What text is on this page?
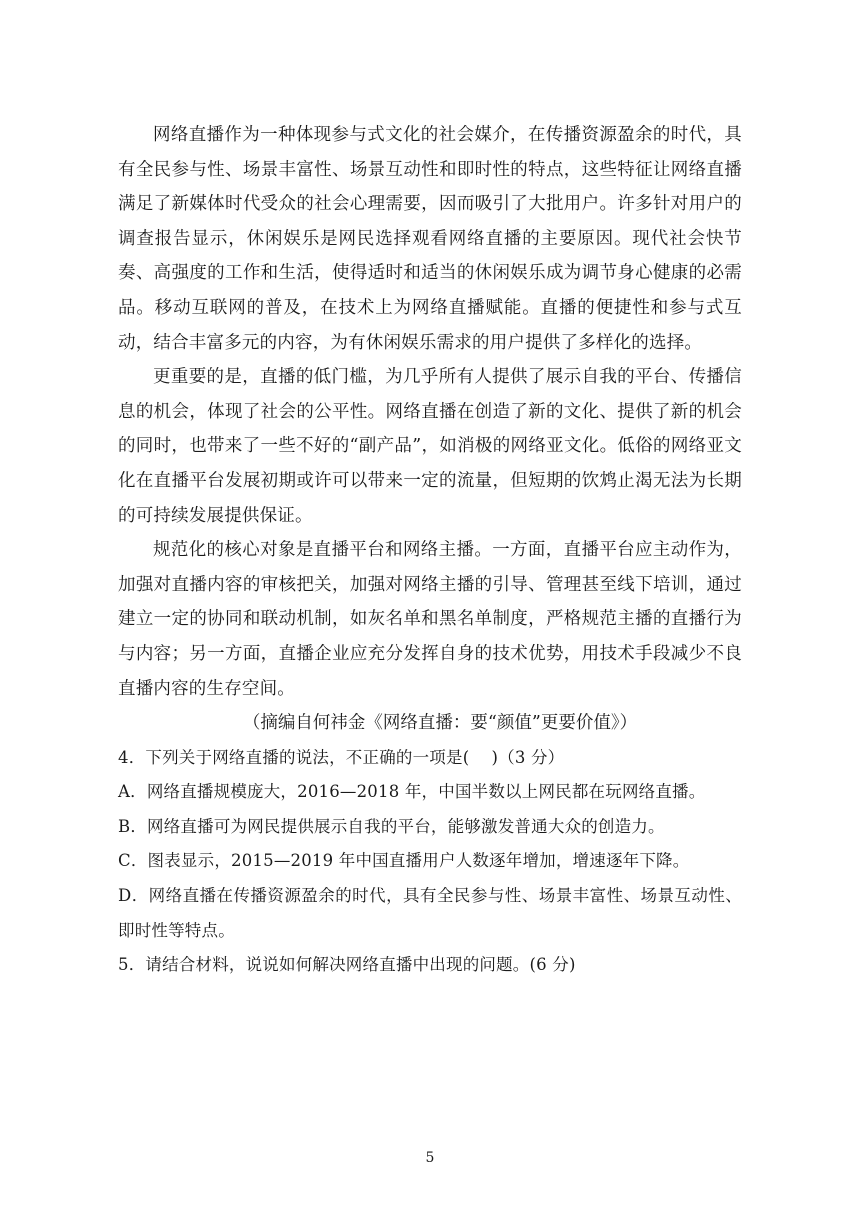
网络直播作为一种体现参与式文化的社会媒介，在传播资源盈余的时代，具有全民参与性、场景丰富性、场景互动性和即时性的特点，这些特征让网络直播满足了新媒体时代受众的社会心理需要，因而吸引了大批用户。许多针对用户的调查报告显示，休闲娱乐是网民选择观看网络直播的主要原因。现代社会快节奏、高强度的工作和生活，使得适时和适当的休闲娱乐成为调节身心健康的必需品。移动互联网的普及，在技术上为网络直播赋能。直播的便捷性和参与式互动，结合丰富多元的内容，为有休闲娱乐需求的用户提供了多样化的选择。

更重要的是，直播的低门槛，为几乎所有人提供了展示自我的平台、传播信息的机会，体现了社会的公平性。网络直播在创造了新的文化、提供了新的机会的同时，也带来了一些不好的“副产品”，如消极的网络亚文化。低俗的网络亚文化在直播平台发展初期或许可以带来一定的流量，但短期的饮鸩止渴无法为长期的可持续发展提供保证。

规范化的核心对象是直播平台和网络主播。一方面，直播平台应主动作为，加强对直播内容的审核把关，加强对网络主播的引导、管理甚至线下培训，通过建立一定的协同和联动机制，如灰名单和黑名单制度，严格规范主播的直播行为与内容；另一方面，直播企业应充分发挥自身的技术优势，用技术手段减少不良直播内容的生存空间。

（摘编自何祎金《网络直播：要“颜值”更要价值》）

4．下列关于网络直播的说法，不正确的一项是(　 )（3 分）

A．网络直播规模庞大，2016—2018 年，中国半数以上网民都在玩网络直播。

B．网络直播可为网民提供展示自我的平台，能够激发普通大众的创造力。

C．图表显示，2015—2019 年中国直播用户人数逐年增加，增速逐年下降。

D．网络直播在传播资源盈余的时代，具有全民参与性、场景丰富性、场景互动性、即时性等特点。

5．请结合材料，说说如何解决网络直播中出现的问题。(6 分)

5
